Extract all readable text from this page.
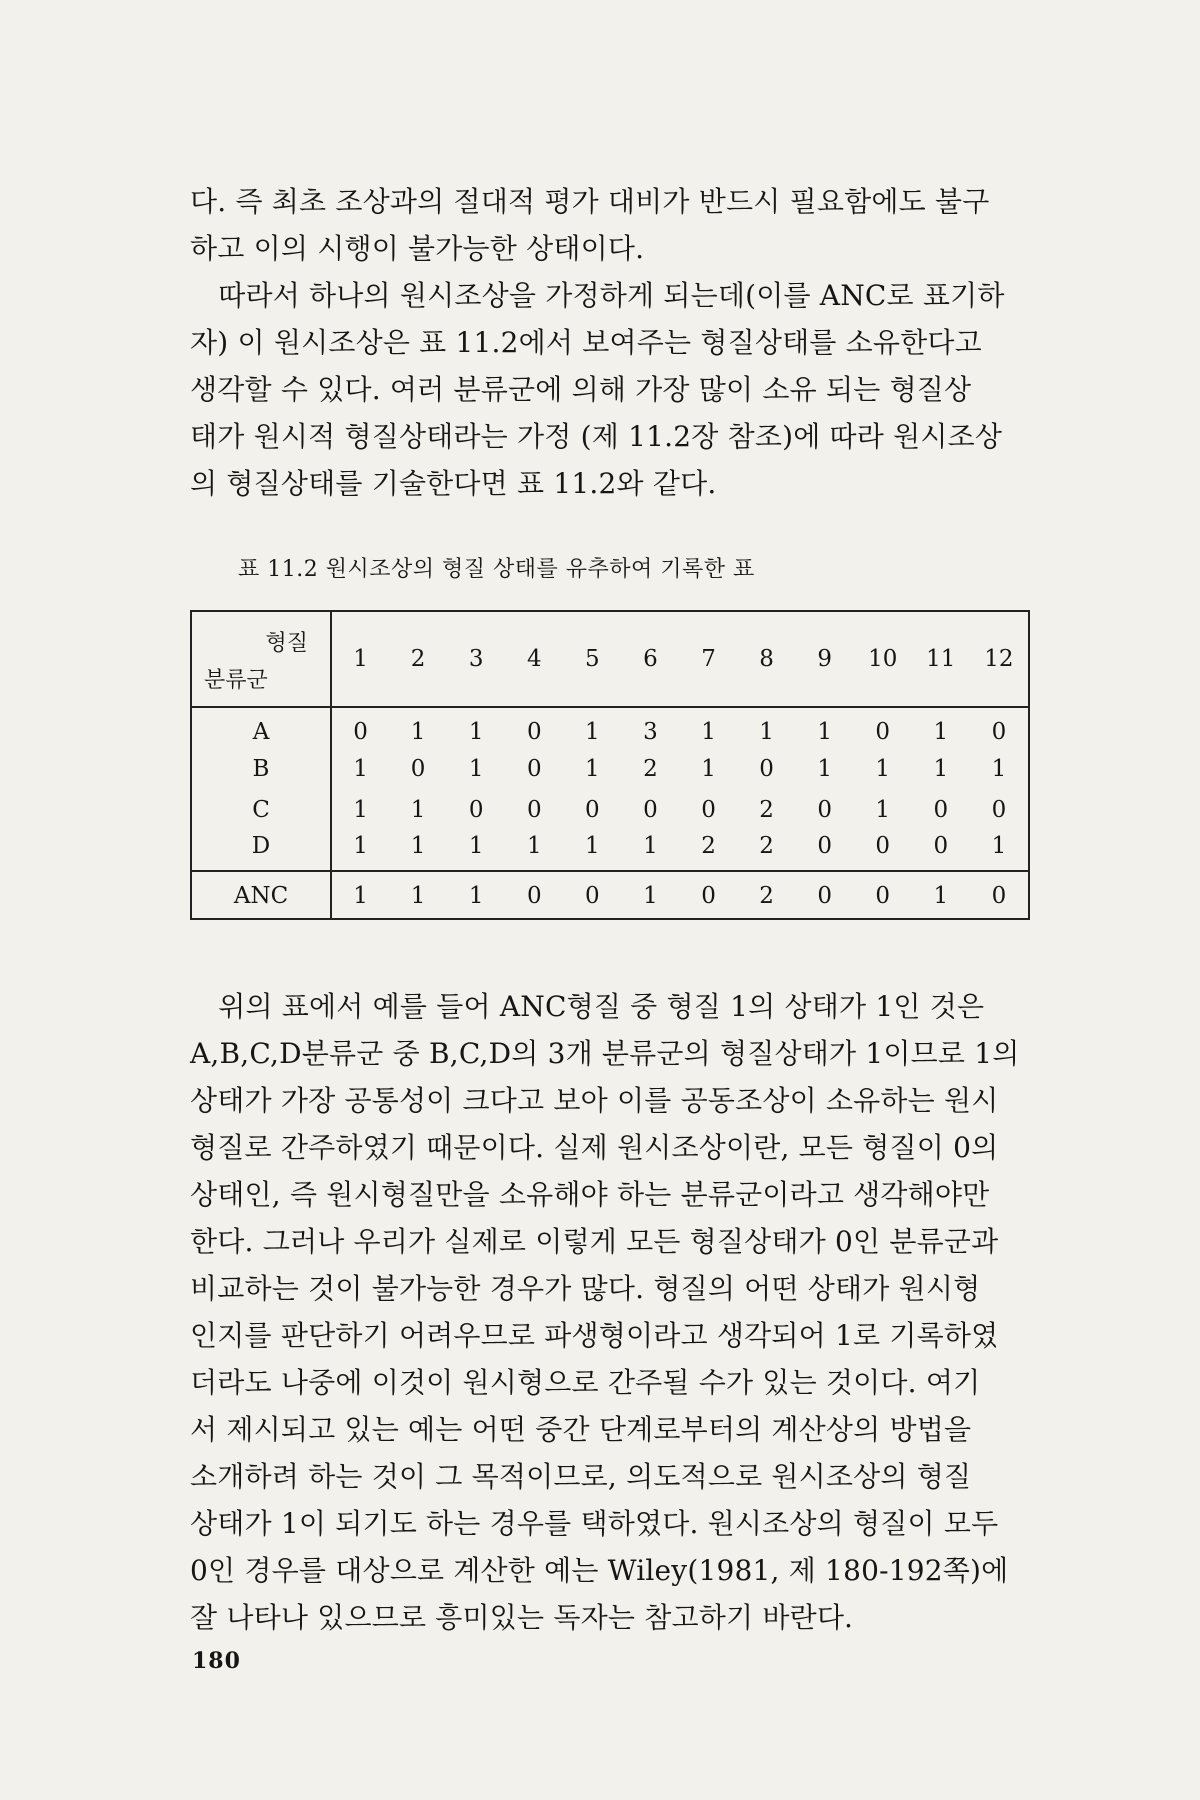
다. 즉 최초 조상과의 절대적 평가 대비가 반드시 필요함에도 불구
하고 이의 시행이 불가능한 상태이다.

　따라서 하나의 원시조상을 가정하게 되는데(이를 ANC로 표기하
자) 이 원시조상은 표 11.2에서 보여주는 형질상태를 소유한다고
생각할 수 있다. 여러 분류군에 의해 가장 많이 소유 되는 형질상
태가 원시적 형질상태라는 가정 (제 11.2장 참조)에 따라 원시조상
의 형질상태를 기술한다면 표 11.2와 같다.

표 11.2 원시조상의 형질 상태를 유추하여 기록한 표
형질
분류군	1	2	3	4	5	6	7	8	9	10	11	12
A	0	1	1	0	1	3	1	1	1	0	1	0
B	1	0	1	0	1	2	1	0	1	1	1	1
C	1	1	0	0	0	0	0	2	0	1	0	0
D	1	1	1	1	1	1	2	2	0	0	0	1
ANC	1	1	1	0	0	1	0	2	0	0	1	0

　위의 표에서 예를 들어 ANC형질 중 형질 1의 상태가 1인 것은
A,B,C,D분류군 중 B,C,D의 3개 분류군의 형질상태가 1이므로 1의
상태가 가장 공통성이 크다고 보아 이를 공동조상이 소유하는 원시
형질로 간주하였기 때문이다. 실제 원시조상이란, 모든 형질이 0의
상태인, 즉 원시형질만을 소유해야 하는 분류군이라고 생각해야만
한다. 그러나 우리가 실제로 이렇게 모든 형질상태가 0인 분류군과
비교하는 것이 불가능한 경우가 많다. 형질의 어떤 상태가 원시형
인지를 판단하기 어려우므로 파생형이라고 생각되어 1로 기록하였
더라도 나중에 이것이 원시형으로 간주될 수가 있는 것이다. 여기
서 제시되고 있는 예는 어떤 중간 단계로부터의 계산상의 방법을
소개하려 하는 것이 그 목적이므로, 의도적으로 원시조상의 형질
상태가 1이 되기도 하는 경우를 택하였다. 원시조상의 형질이 모두
0인 경우를 대상으로 계산한 예는 Wiley(1981, 제 180-192쪽)에
잘 나타나 있으므로 흥미있는 독자는 참고하기 바란다.

180
